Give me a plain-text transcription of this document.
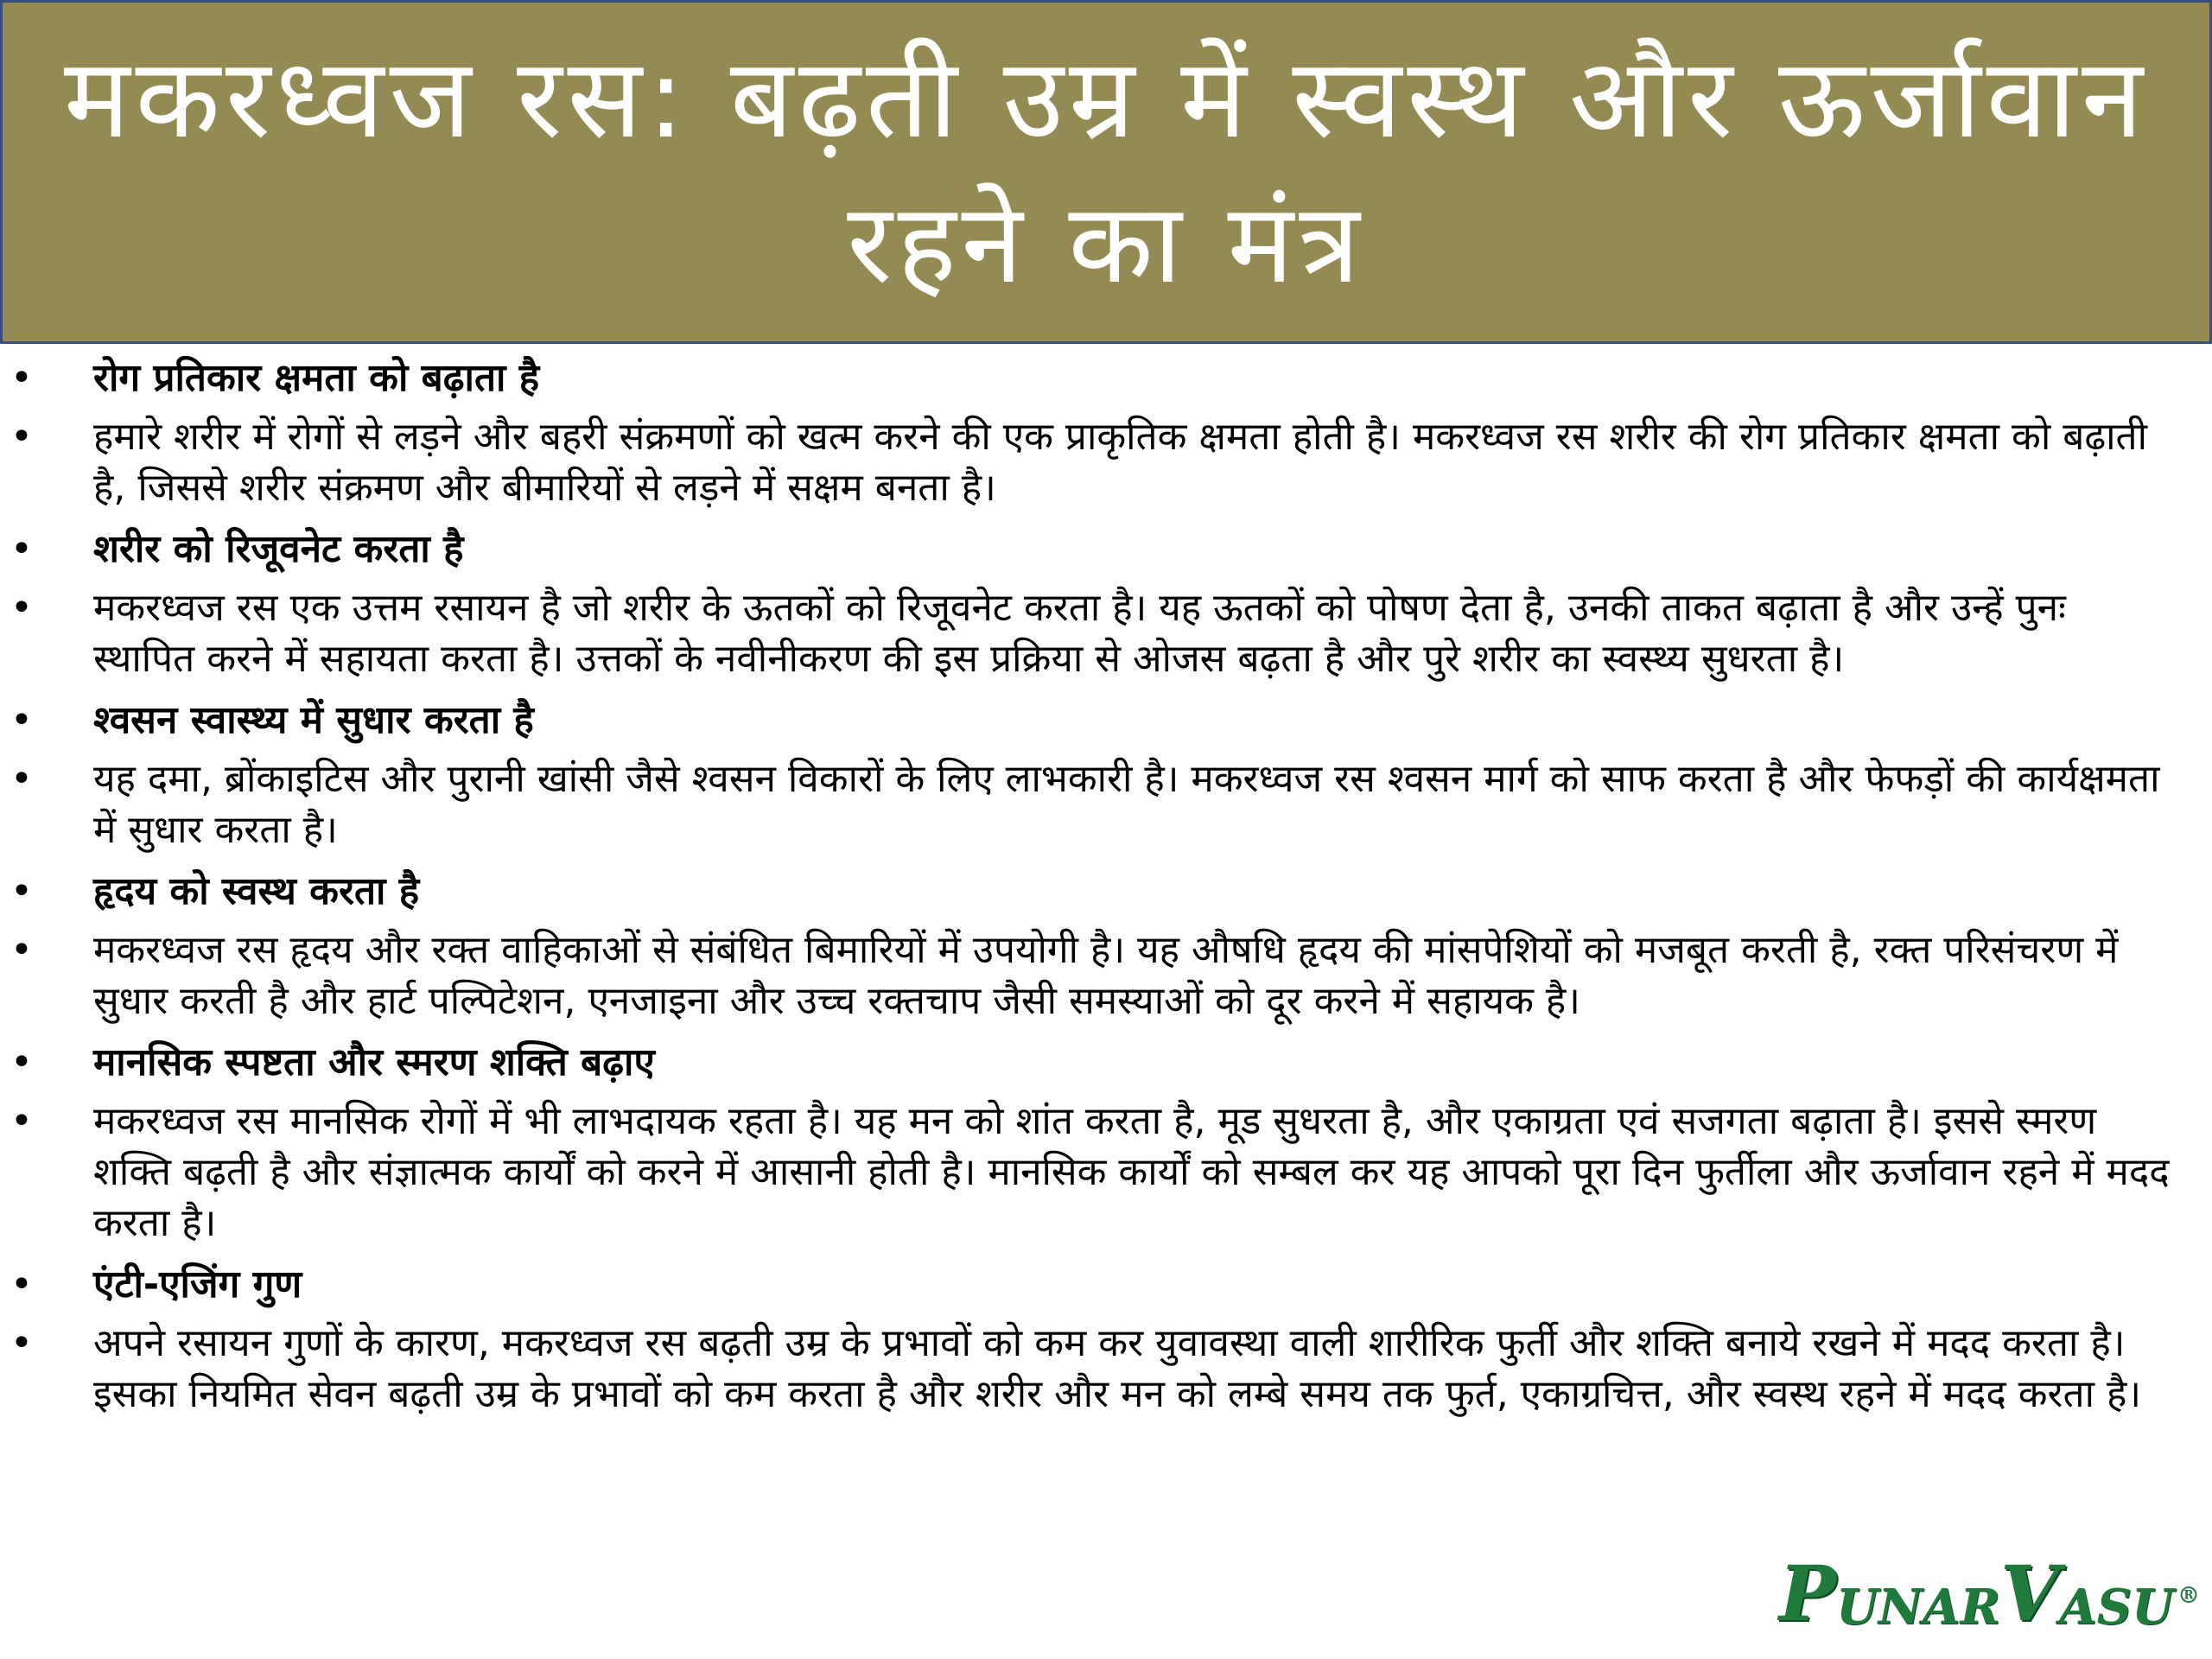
मकरध्वज रस: बढ़ती उम्र में स्वस्थ और ऊर्जावान रहने का मंत्र
•	रोग प्रतिकार क्षमता को बढ़ाता है
•	हमारे शरीर में रोगों से लड़ने और बहरी संक्रमणों को खत्म करने की एक प्राकृतिक क्षमता होती है। मकरध्वज रस शरीर की रोग प्रतिकार क्षमता को बढ़ाती है, जिससे शरीर संक्रमण और बीमारियों से लड़ने में सक्षम बनता है।
•	शरीर को रिजूवनेट करता है
•	मकरध्वज रस एक उत्तम रसायन है जो शरीर के ऊतकों को रिजूवनेट करता है। यह ऊतकों को पोषण देता है, उनकी ताकत बढ़ाता है और उन्हें पुनः स्थापित करने में सहायता करता है। उत्तकों के नवीनीकरण की इस प्रक्रिया से ओजस बढ़ता है और पुरे शरीर का स्वस्थ्य सुधरता है।
•	श्वसन स्वास्थ्य में सुधार करता है
•	यह दमा, ब्रोंकाइटिस और पुरानी खांसी जैसे श्वसन विकारों के लिए लाभकारी है। मकरध्वज रस श्वसन मार्ग को साफ करता है और फेफड़ों की कार्यक्षमता में सुधार करता है।
•	हृदय को स्वस्थ करता है
•	मकरध्वज रस हृदय और रक्त वाहिकाओं से संबंधित बिमारियों में उपयोगी है। यह औषधि हृदय की मांसपेशियों को मजबूत करती है, रक्त परिसंचरण में सुधार करती है और हार्ट पल्पिटेशन, एनजाइना और उच्च रक्तचाप जैसी समस्याओं को दूर करने में सहायक है।
•	मानसिक स्पष्टता और स्मरण शक्ति बढ़ाए
•	मकरध्वज रस मानसिक रोगों में भी लाभदायक रहता है। यह मन को शांत करता है, मूड सुधरता है, और एकाग्रता एवं सजगता बढ़ाता है। इससे स्मरण शक्ति बढ़ती है और संज्ञात्मक कार्यों को करने में आसानी होती है। मानसिक कार्यों को सम्बल कर यह आपको पूरा दिन फुर्तीला और ऊर्जावान रहने में मदद करता है।
•	एंटी-एजिंग गुण
•	अपने रसायन गुणों के कारण, मकरध्वज रस बढ़ती उम्र के प्रभावों को कम कर युवावस्था वाली शारीरिक फुर्ती और शक्ति बनाये रखने में मदद करता है। इसका नियमित सेवन बढ़ती उम्र के प्रभावों को कम करता है और शरीर और मन को लम्बे समय तक फुर्त, एकाग्रचित्त, और स्वस्थ रहने में मदद करता है।
P UNAR V ASU ®
